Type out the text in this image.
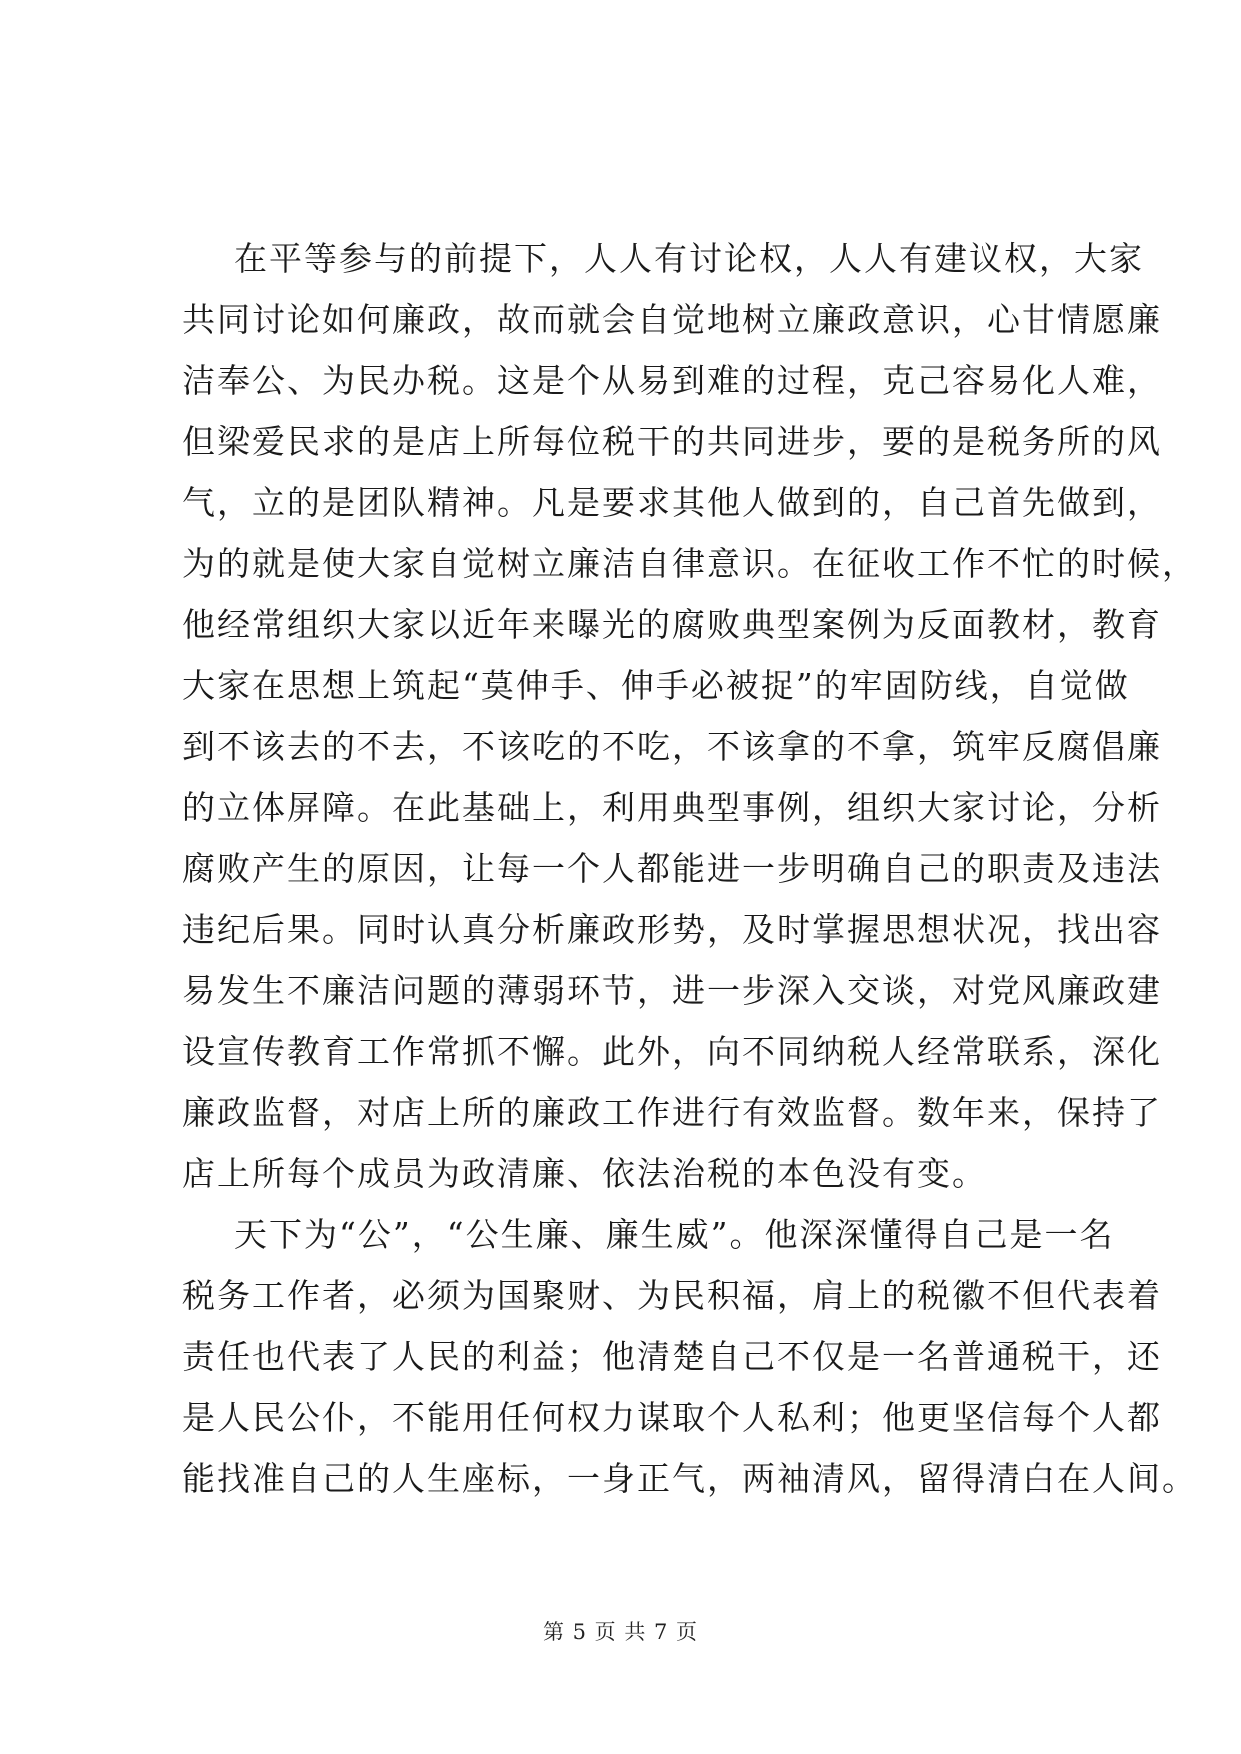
在平等参与的前提下，人人有讨论权，人人有建议权，大家
共同讨论如何廉政，故而就会自觉地树立廉政意识，心甘情愿廉
洁奉公、为民办税。这是个从易到难的过程，克己容易化人难，
但梁爱民求的是店上所每位税干的共同进步，要的是税务所的风
气，立的是团队精神。凡是要求其他人做到的，自己首先做到，
为的就是使大家自觉树立廉洁自律意识。在征收工作不忙的时候，
他经常组织大家以近年来曝光的腐败典型案例为反面教材，教育
大家在思想上筑起“莫伸手、伸手必被捉”的牢固防线，自觉做
到不该去的不去，不该吃的不吃，不该拿的不拿，筑牢反腐倡廉
的立体屏障。在此基础上，利用典型事例，组织大家讨论，分析
腐败产生的原因，让每一个人都能进一步明确自己的职责及违法
违纪后果。同时认真分析廉政形势，及时掌握思想状况，找出容
易发生不廉洁问题的薄弱环节，进一步深入交谈，对党风廉政建
设宣传教育工作常抓不懈。此外，向不同纳税人经常联系，深化
廉政监督，对店上所的廉政工作进行有效监督。数年来，保持了
店上所每个成员为政清廉、依法治税的本色没有变。
天下为“公”，“公生廉、廉生威”。他深深懂得自己是一名
税务工作者，必须为国聚财、为民积福，肩上的税徽不但代表着
责任也代表了人民的利益；他清楚自己不仅是一名普通税干，还
是人民公仆，不能用任何权力谋取个人私利；他更坚信每个人都
能找准自己的人生座标，一身正气，两袖清风，留得清白在人间。
第 5 页 共 7 页
